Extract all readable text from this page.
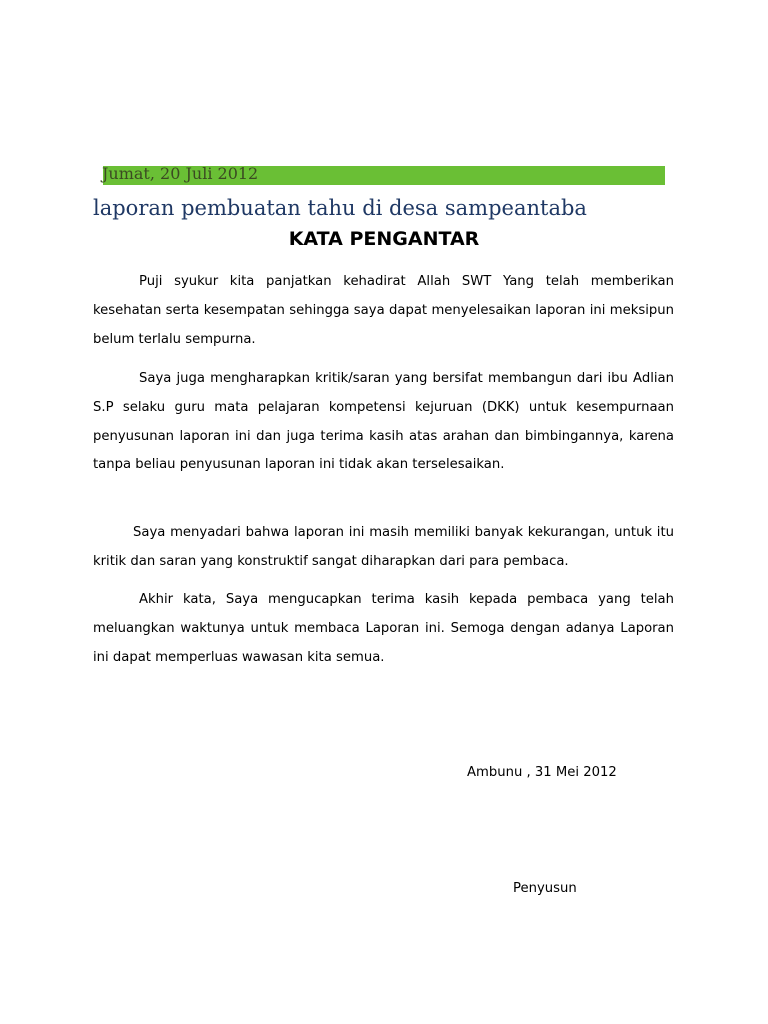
Jumat, 20 Juli 2012
laporan pembuatan tahu di desa sampeantaba
KATA PENGANTAR

Puji syukur kita panjatkan kehadirat Allah SWT Yang telah memberikan kesehatan serta kesempatan sehingga saya dapat menyelesaikan laporan ini meksipun belum terlalu sempurna.

Saya juga mengharapkan kritik/saran yang bersifat membangun dari ibu Adlian S.P selaku guru mata pelajaran kompetensi kejuruan (DKK) untuk kesempurnaan penyusunan laporan ini dan juga terima kasih atas arahan dan bimbingannya, karena tanpa beliau penyusunan laporan ini tidak akan terselesaikan.

Saya menyadari bahwa laporan ini masih memiliki banyak kekurangan, untuk itu kritik dan saran yang konstruktif sangat diharapkan dari para pembaca.

Akhir kata, Saya mengucapkan terima kasih kepada pembaca yang telah meluangkan waktunya untuk membaca Laporan ini. Semoga dengan adanya Laporan ini dapat memperluas wawasan kita semua.

Ambunu , 31 Mei 2012
Penyusun
